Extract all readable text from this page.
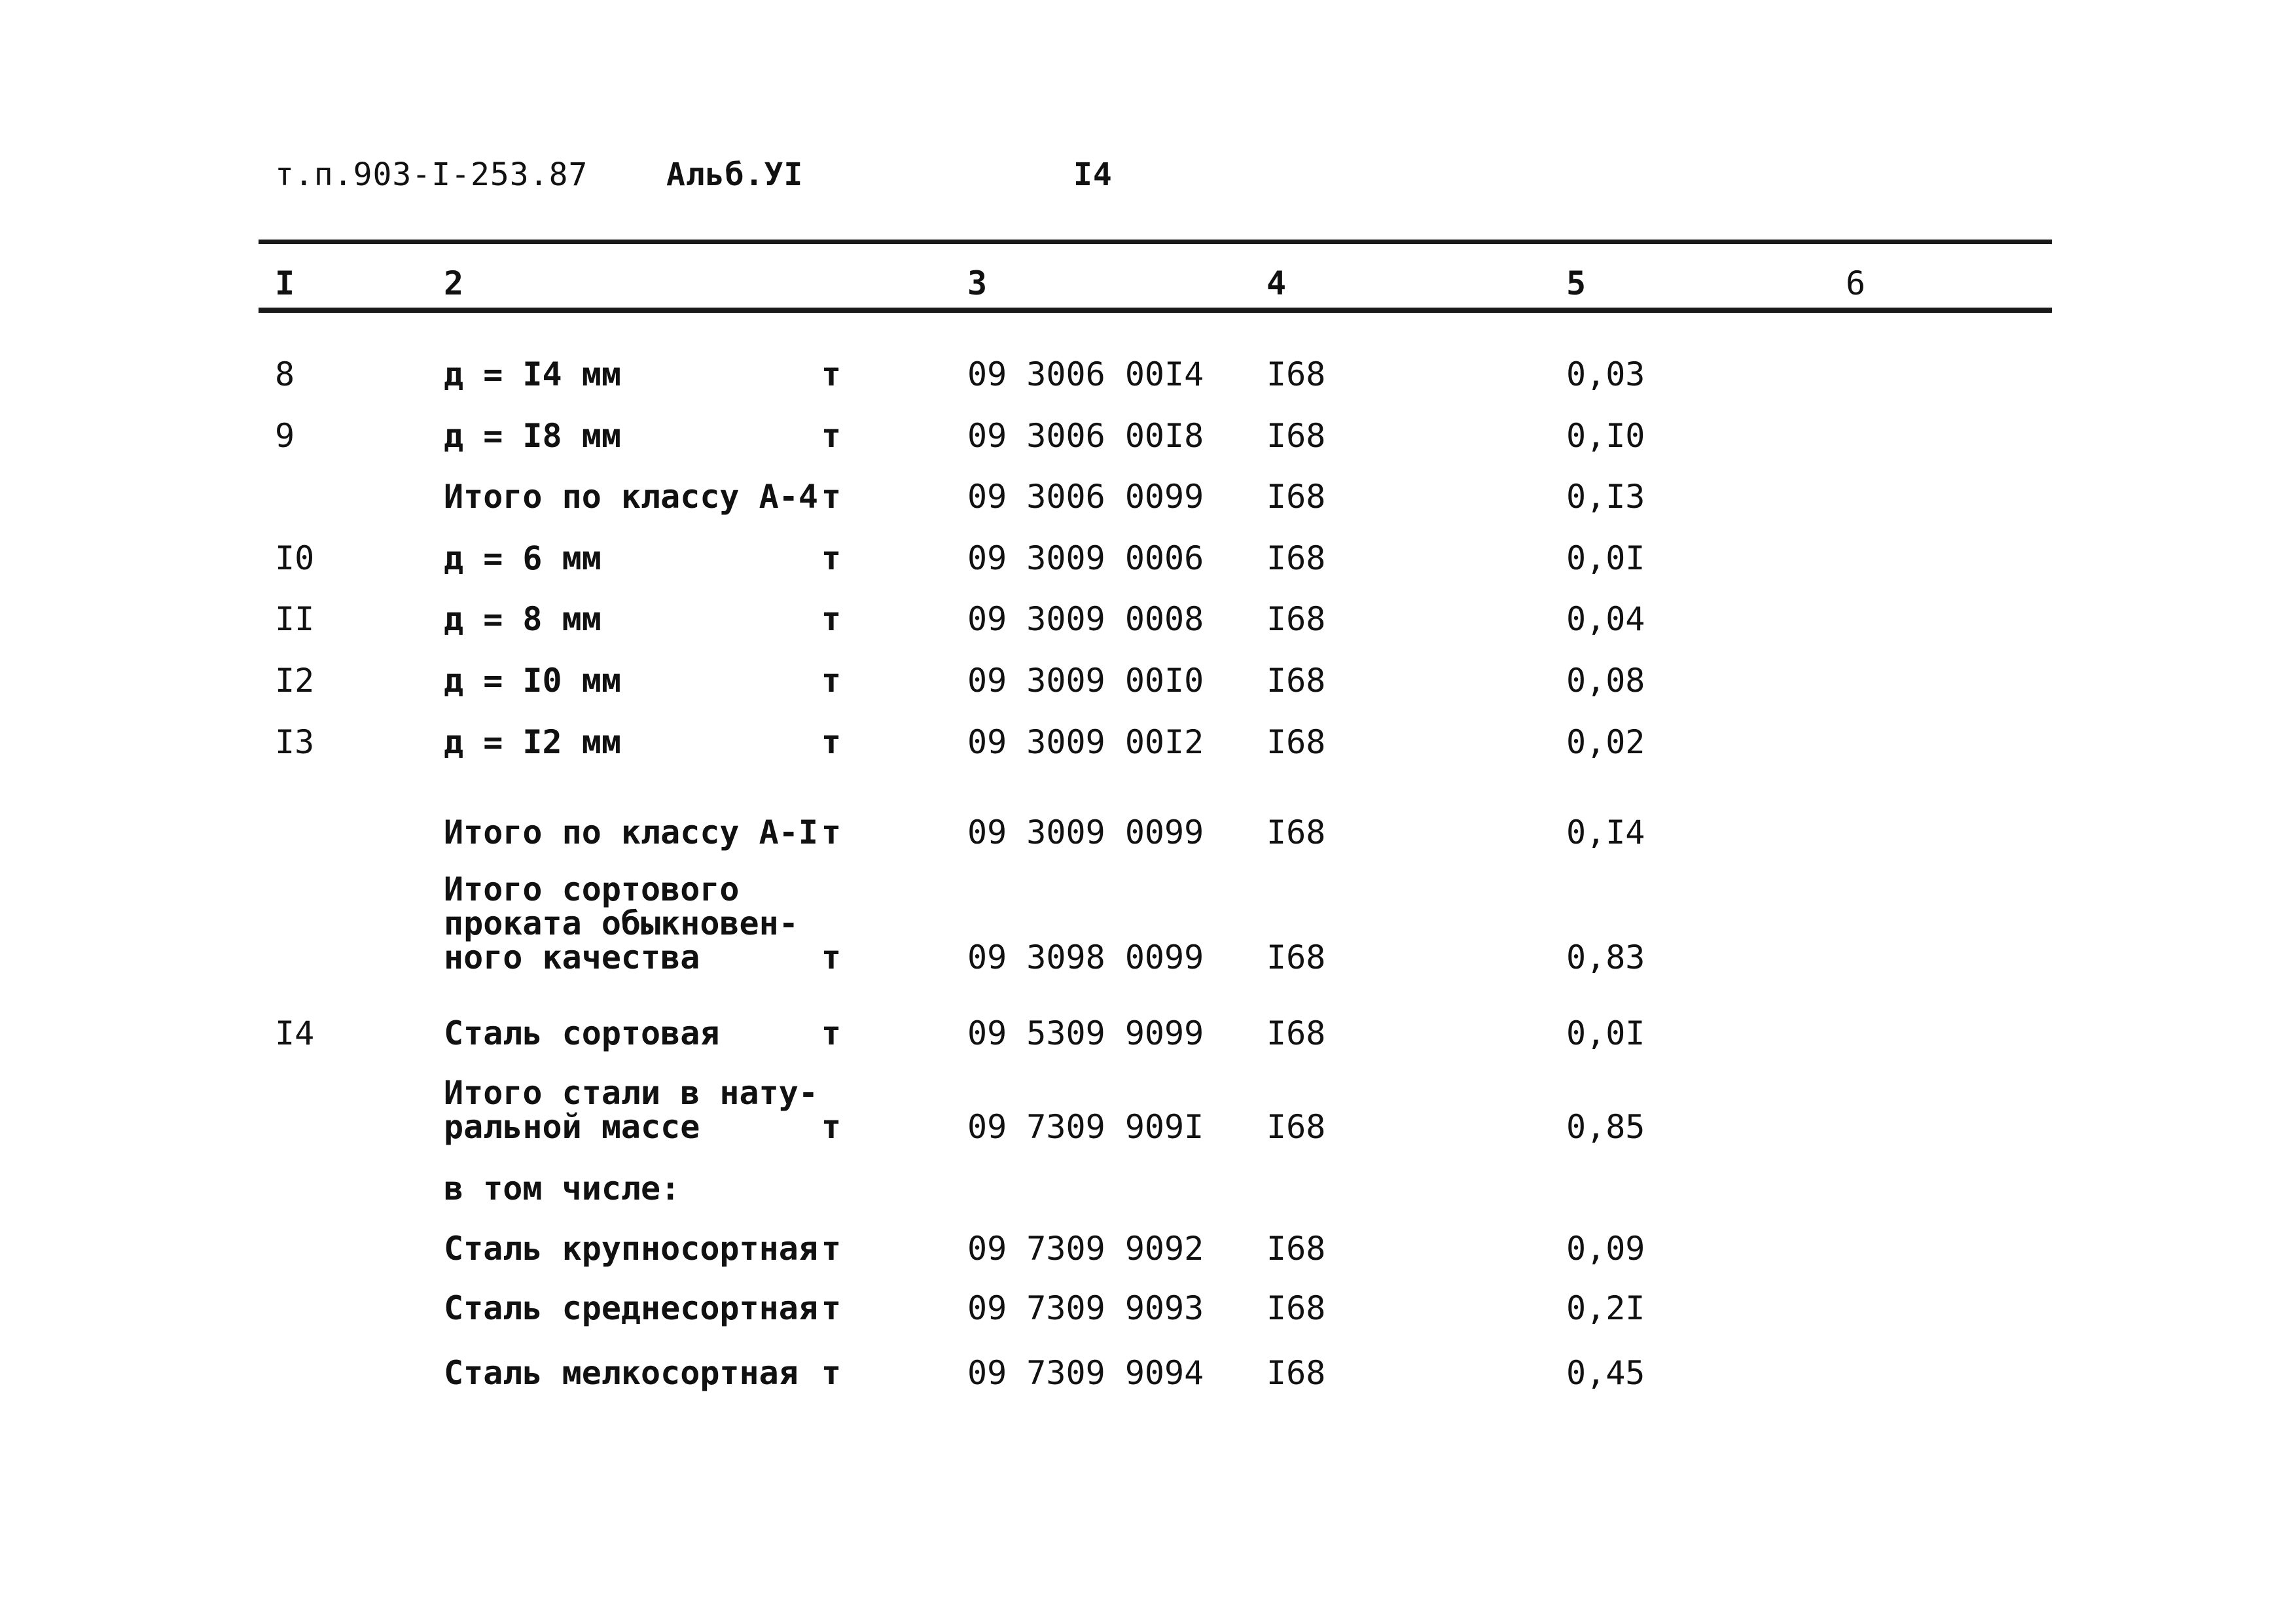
т.п.903-I-253.87 Альб.УI	I4
I	2	3	4	5	6
8	д = I4 мм	т	09 3006 00I4 I68	0,03
9	д = I8 мм	т	09 3006 00I8 I68	0,I0
Итого по классу А-4 т	09 3006 0099 I68	0,I3
I0	д = 6 мм	т	09 3009 0006 I68	0,0I
II	д = 8 мм	т	09 3009 0008 I68	0,04
I2	д = I0 мм	т	09 3009 00I0 I68	0,08
I3	д = I2 мм	т	09 3009 00I2 I68	0,02
Итого по классу А-I т	09 3009 0099 I68	0,I4
Итого сортового
проката обыкновен-
ного качества	т	09 3098 0099 I68	0,83
I4	Сталь сортовая	т	09 5309 9099 I68	0,0I
Итого стали в нату-
ральной массе	т	09 7309 909I I68	0,85
в том числе:
Сталь крупносортная т	09 7309 9092 I68	0,09
Сталь среднесортная т	09 7309 9093 I68	0,2I
Сталь мелкосортная т	09 7309 9094 I68	0,45
